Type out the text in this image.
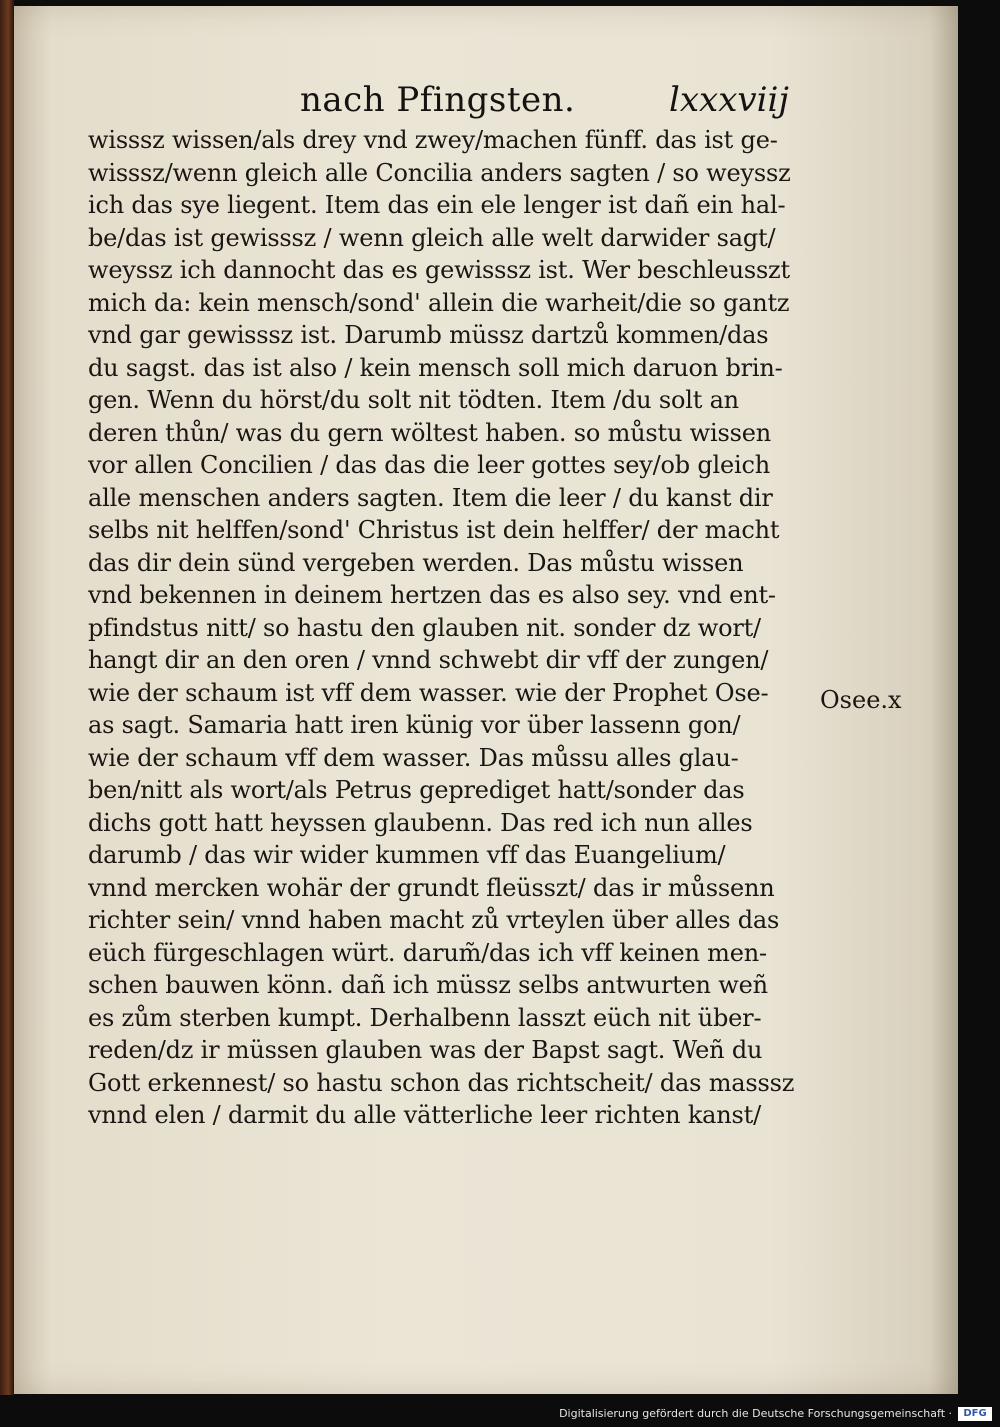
nach Pfingsten.	lxxxviij
wisssz wissen/als drey vnd zwey/machen fünff. das ist ge-
wisssz/wenn gleich alle Concilia anders sagten / so weyssz
ich das sye liegent. Item das ein ele lenger ist dañ ein hal-
be/das ist gewisssz / wenn gleich alle welt darwider sagt/
weyssz ich dannocht das es gewisssz ist. Wer beschleusszt
mich da: kein mensch/sond' allein die warheit/die so gantz
vnd gar gewisssz ist. Darumb müssz dartzů kommen/das
du sagst. das ist also / kein mensch soll mich daruon brin-
gen. Wenn du hörst/du solt nit tödten. Item /du solt an
deren thůn/ was du gern wöltest haben. so můstu wissen
vor allen Concilien / das das die leer gottes sey/ob gleich
alle menschen anders sagten. Item die leer / du kanst dir
selbs nit helffen/sond' Christus ist dein helffer/ der macht
das dir dein sünd vergeben werden. Das můstu wissen
vnd bekennen in deinem hertzen das es also sey. vnd ent-
pfindstus nitt/ so hastu den glauben nit. sonder dz wort/
hangt dir an den oren / vnnd schwebt dir vff der zungen/
wie der schaum ist vff dem wasser. wie der Prophet Ose-
as sagt. Samaria hatt iren künig vor über lassenn gon/
wie der schaum vff dem wasser. Das můssu alles glau-
ben/nitt als wort/als Petrus geprediget hatt/sonder das
dichs gott hatt heyssen glaubenn. Das red ich nun alles
darumb / das wir wider kummen vff das Euangelium/
vnnd mercken wohär der grundt fleüsszt/ das ir můssenn
richter sein/ vnnd haben macht zů vrteylen über alles das
eüch fürgeschlagen würt. darum̃/das ich vff keinen men-
schen bauwen könn. dañ ich müssz selbs antwurten weñ
es zům sterben kumpt. Derhalbenn lasszt eüch nit über-
reden/dz ir müssen glauben was der Bapst sagt. Weñ du
Gott erkennest/ so hastu schon das richtscheit/ das masssz
vnnd elen / darmit du alle vätterliche leer richten kanst/
Osee.x
Digitalisierung gefördert durch die Deutsche Forschungsgemeinschaft ·	DFG
